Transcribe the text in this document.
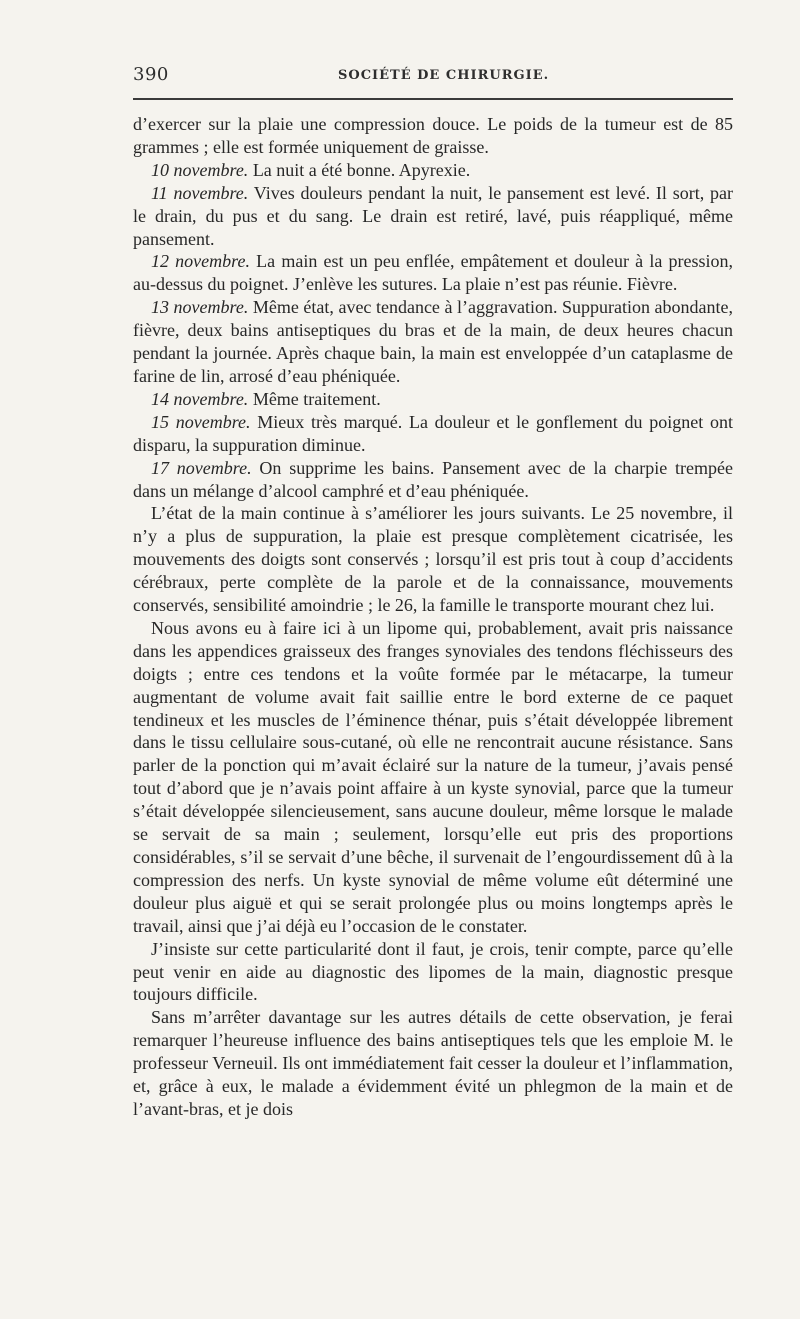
390	SOCIÉTÉ DE CHIRURGIE.

d’exercer sur la plaie une compression douce. Le poids de la tumeur est de 85 grammes ; elle est formée uniquement de graisse.

10 novembre. La nuit a été bonne. Apyrexie.

11 novembre. Vives douleurs pendant la nuit, le pansement est levé. Il sort, par le drain, du pus et du sang. Le drain est retiré, lavé, puis réappliqué, même pansement.

12 novembre. La main est un peu enflée, empâtement et douleur à la pression, au-dessus du poignet. J’enlève les sutures. La plaie n’est pas réunie. Fièvre.

13 novembre. Même état, avec tendance à l’aggravation. Suppuration abondante, fièvre, deux bains antiseptiques du bras et de la main, de deux heures chacun pendant la journée. Après chaque bain, la main est enveloppée d’un cataplasme de farine de lin, arrosé d’eau phéniquée.

14 novembre. Même traitement.

15 novembre. Mieux très marqué. La douleur et le gonflement du poignet ont disparu, la suppuration diminue.

17 novembre. On supprime les bains. Pansement avec de la charpie trempée dans un mélange d’alcool camphré et d’eau phéniquée.

L’état de la main continue à s’améliorer les jours suivants. Le 25 novembre, il n’y a plus de suppuration, la plaie est presque complètement cicatrisée, les mouvements des doigts sont conservés ; lorsqu’il est pris tout à coup d’accidents cérébraux, perte complète de la parole et de la connaissance, mouvements conservés, sensibilité amoindrie ; le 26, la famille le transporte mourant chez lui.

Nous avons eu à faire ici à un lipome qui, probablement, avait pris naissance dans les appendices graisseux des franges synoviales des tendons fléchisseurs des doigts ; entre ces tendons et la voûte formée par le métacarpe, la tumeur augmentant de volume avait fait saillie entre le bord externe de ce paquet tendineux et les muscles de l’éminence thénar, puis s’était développée librement dans le tissu cellulaire sous-cutané, où elle ne rencontrait aucune résistance. Sans parler de la ponction qui m’avait éclairé sur la nature de la tumeur, j’avais pensé tout d’abord que je n’avais point affaire à un kyste synovial, parce que la tumeur s’était développée silencieusement, sans aucune douleur, même lorsque le malade se servait de sa main ; seulement, lorsqu’elle eut pris des proportions considérables, s’il se servait d’une bêche, il survenait de l’engourdissement dû à la compression des nerfs. Un kyste synovial de même volume eût déterminé une douleur plus aiguë et qui se serait prolongée plus ou moins longtemps après le travail, ainsi que j’ai déjà eu l’occasion de le constater.

J’insiste sur cette particularité dont il faut, je crois, tenir compte, parce qu’elle peut venir en aide au diagnostic des lipomes de la main, diagnostic presque toujours difficile.

Sans m’arrêter davantage sur les autres détails de cette observation, je ferai remarquer l’heureuse influence des bains antiseptiques tels que les emploie M. le professeur Verneuil. Ils ont immédiatement fait cesser la douleur et l’inflammation, et, grâce à eux, le malade a évidemment évité un phlegmon de la main et de l’avant-bras, et je dois
